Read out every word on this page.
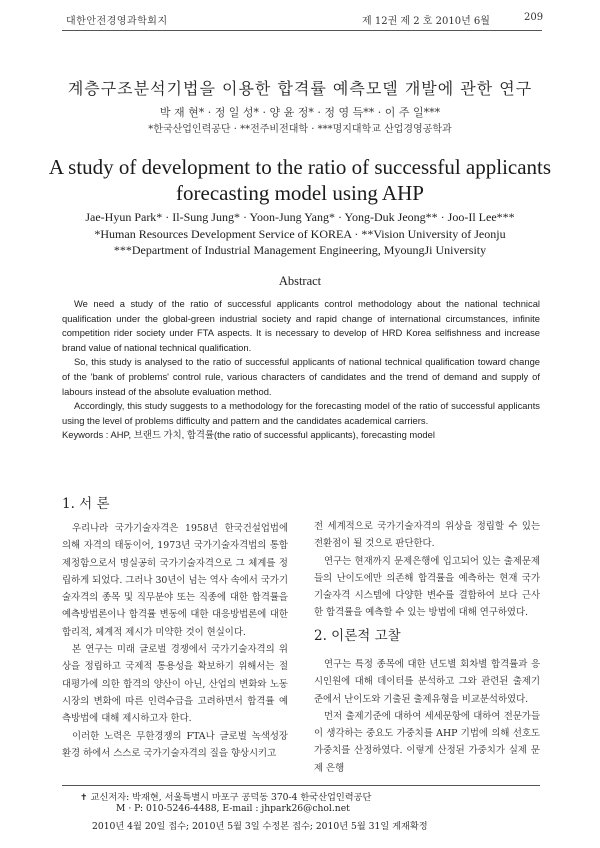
대한안전경영과학회지	제 12권 제 2 호 2010년 6월	209
계층구조분석기법을 이용한 합격률 예측모델 개발에 관한 연구
박 재 현* · 정 일 성* · 양 윤 정* · 정 영 득** · 이 주 일***
*한국산업인력공단 · **전주비전대학 · ***명지대학교 산업경영공학과
A study of development to the ratio of successful applicants
forecasting model using AHP
Jae-Hyun Park* · Il-Sung Jung* · Yoon-Jung Yang* · Yong-Duk Jeong** · Joo-Il Lee***
*Human Resources Development Service of KOREA · **Vision University of Jeonju
***Department of Industrial Management Engineering, MyoungJi University
Abstract

We need a study of the ratio of successful applicants control methodology about the national technical qualification under the global-green industrial society and rapid change of international circumstances, infinite competition rider society under FTA aspects. It is necessary to develop of HRD Korea selfishness and increase brand value of national technical qualification.

So, this study is analysed to the ratio of successful applicants of national technical qualification toward change of the 'bank of problems' control rule, various characters of candidates and the trend of demand and supply of labours instead of the absolute evaluation method.

Accordingly, this study suggests to a methodology for the forecasting model of the ratio of successful applicants using the level of problems difficulty and pattern and the candidates academical carriers.

Keywords : AHP, 브랜드 가치, 합격률(the ratio of successful applicants), forecasting model

1. 서 론

우리나라 국가기술자격은 1958년 한국건설업법에 의해 자격의 태동이어, 1973년 국가기술자격법의 통합 제정함으로서 명실공히 국가기술자격으로 그 체계를 정립하게 되었다. 그러나 30년이 넘는 역사 속에서 국가기술자격의 종목 및 직무분야 또는 직종에 대한 합격률을 예측방법론이나 합격률 변동에 대한 대응방법론에 대한 합리적, 체계적 제시가 미약한 것이 현실이다.

본 연구는 미래 글로벌 경쟁에서 국가기술자격의 위상을 정립하고 국제적 통용성을 확보하기 위해서는 절대평가에 의한 합격의 양산이 아닌, 산업의 변화와 노동시장의 변화에 따른 인력수급을 고려하면서 합격률 예측방법에 대해 제시하고자 한다.

이러한 노력은 무한경쟁의 FTA나 글로벌 녹색성장 환경 하에서 스스로 국가기술자격의 질을 향상시키고

전 세계적으로 국가기술자격의 위상을 정립할 수 있는 전환점이 될 것으로 판단한다.

연구는 현재까지 문제은행에 입고되어 있는 출제문제들의 난이도에만 의존해 합격률을 예측하는 현재 국가기술자격 시스템에 다양한 변수를 결합하여 보다 근사한 합격률을 예측할 수 있는 방법에 대해 연구하였다.

2. 이론적 고찰

연구는 특정 종목에 대한 년도별 회차별 합격률과 응시인원에 대해 데이터를 분석하고 그와 관련된 출제기준에서 난이도와 기출된 출제유형을 비교분석하였다.

먼저 출제기준에 대하여 세세문항에 대하여 전문가들이 생각하는 중요도 가중치를 AHP 기법에 의해 선호도 가중치를 산정하였다. 이렇게 산정된 가중치가 실제 문제 은행

✝ 교신저자: 박재현, 서울특별시 마포구 공덕동 370-4 한국산업인력공단
M · P: 010-5246-4488, E-mail : jhpark26@chol.net
2010년 4월 20일 접수; 2010년 5월 3일 수정본 접수; 2010년 5월 31일 게재확정
